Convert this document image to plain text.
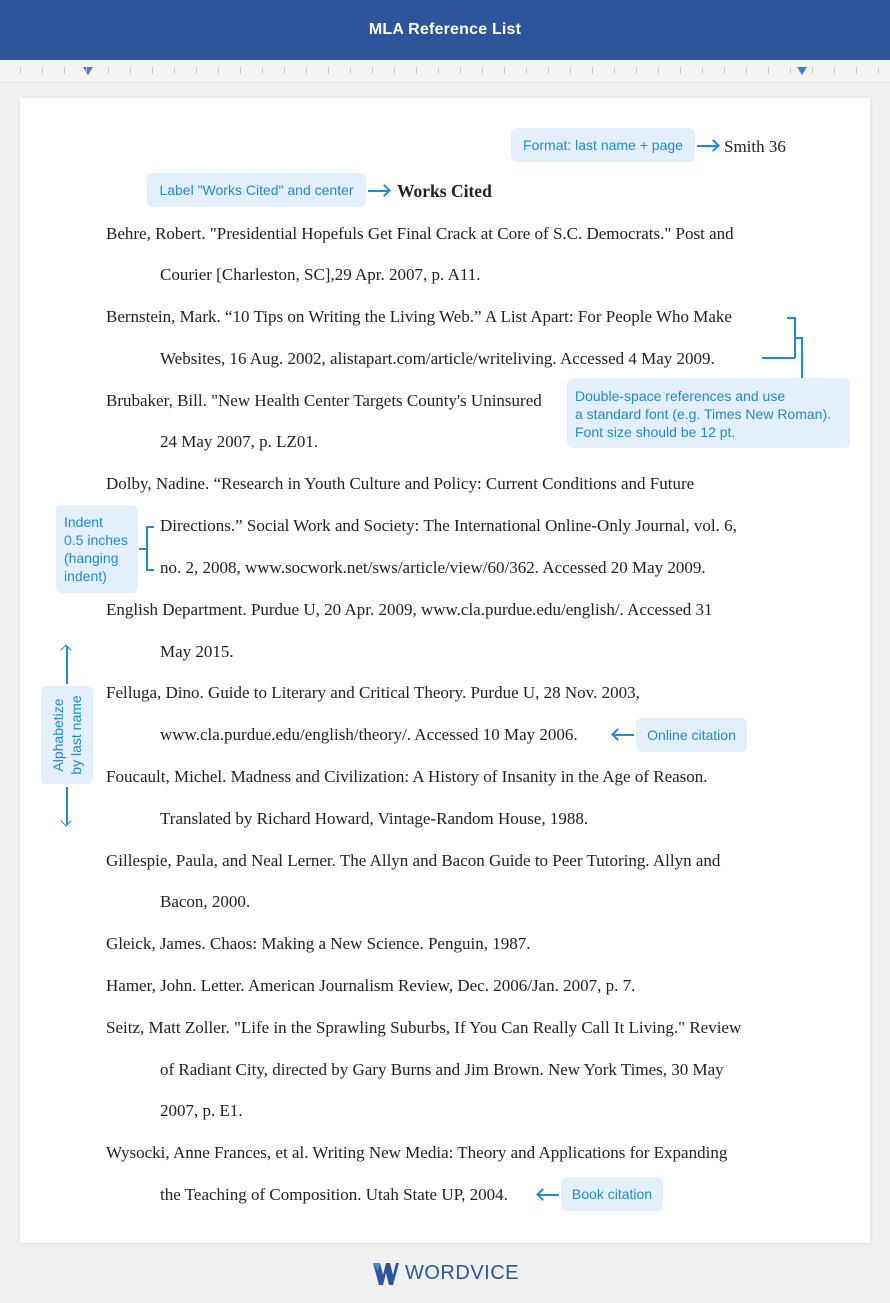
MLA Reference List
Smith 36
Works Cited
Behre, Robert. "Presidential Hopefuls Get Final Crack at Core of S.C. Democrats." Post and
Courier [Charleston, SC],29 Apr. 2007, p. A11.
Bernstein, Mark. “10 Tips on Writing the Living Web.” A List Apart: For People Who Make
Websites, 16 Aug. 2002, alistapart.com/article/writeliving. Accessed 4 May 2009.
Brubaker, Bill. "New Health Center Targets County's Uninsured
24 May 2007, p. LZ01.
Dolby, Nadine. “Research in Youth Culture and Policy: Current Conditions and Future
Directions.” Social Work and Society: The International Online-Only Journal, vol. 6,
no. 2, 2008, www.socwork.net/sws/article/view/60/362. Accessed 20 May 2009.
English Department. Purdue U, 20 Apr. 2009, www.cla.purdue.edu/english/. Accessed 31
May 2015.
Felluga, Dino. Guide to Literary and Critical Theory. Purdue U, 28 Nov. 2003,
www.cla.purdue.edu/english/theory/. Accessed 10 May 2006.
Foucault, Michel. Madness and Civilization: A History of Insanity in the Age of Reason.
Translated by Richard Howard, Vintage-Random House, 1988.
Gillespie, Paula, and Neal Lerner. The Allyn and Bacon Guide to Peer Tutoring. Allyn and
Bacon, 2000.
Gleick, James. Chaos: Making a New Science. Penguin, 1987.
Hamer, John. Letter. American Journalism Review, Dec. 2006/Jan. 2007, p. 7.
Seitz, Matt Zoller. "Life in the Sprawling Suburbs, If You Can Really Call It Living." Review
of Radiant City, directed by Gary Burns and Jim Brown. New York Times, 30 May
2007, p. E1.
Wysocki, Anne Frances, et al. Writing New Media: Theory and Applications for Expanding
the Teaching of Composition. Utah State UP, 2004.
Format: last name + page
Label "Works Cited" and center
Double-space references and use
a standard font (e.g. Times New Roman).
Font size should be 12 pt.
Indent
0.5 inches
(hanging
indent)
Alphabetize by last name	Online citation
Book citation
WORDVICE
